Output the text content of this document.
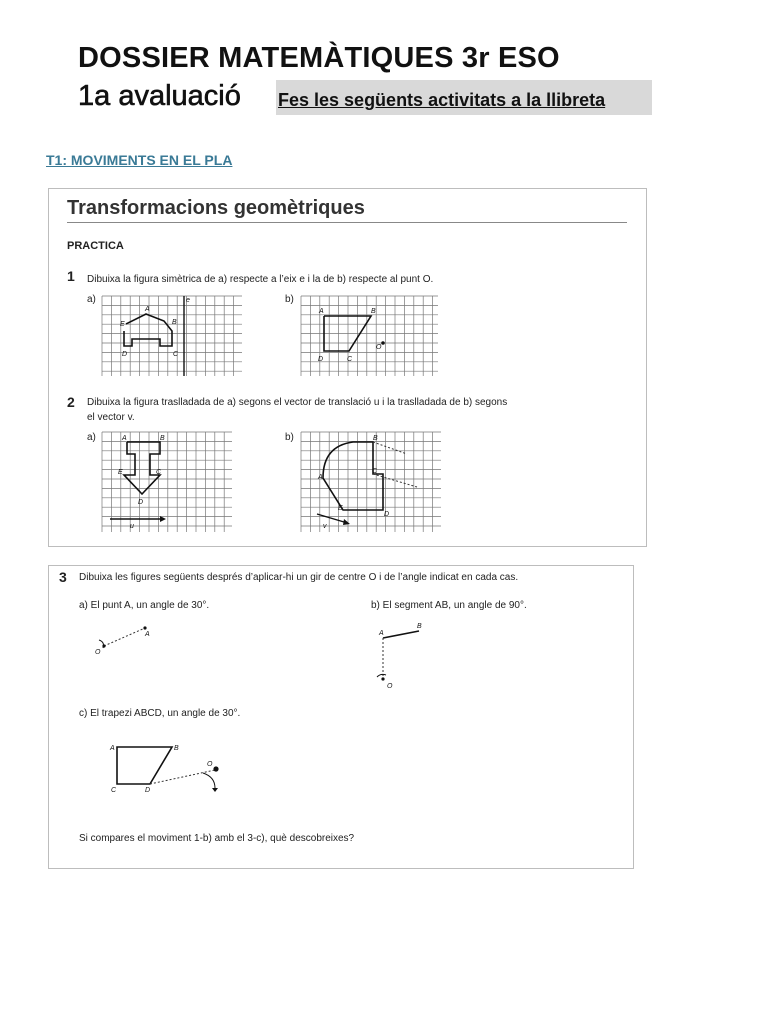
DOSSIER MATEMÀTIQUES 3r ESO
1a avaluació Fes les següents activitats a la llibreta
T1: MOVIMENTS EN EL PLA
Transformacions geomètriques
PRACTICA
1 Dibuixa la figura simètrica de a) respecte a l’eix e i la de b) respecte al punt O.
a)	b)
D	C
E
A
B
e
A	B
D	C
O
2 Dibuixa la figura traslladada de a) segons el vector de translació u i la traslladada de b) segons
el vector v.
a)	b)
A	B
E	C
D
u
B
C
A
E
D
v
3 Dibuixa les figures següents després d’aplicar-hi un gir de centre O i de l’angle indicat en cada cas.
a) El punt A, un angle de 30°.	b) El segment AB, un angle de 90°.
O
A	A
B
O
c) El trapezi ABCD, un angle de 30°.
A	B
C	D
O
Si compares el moviment 1-b) amb el 3-c), què descobreixes?
